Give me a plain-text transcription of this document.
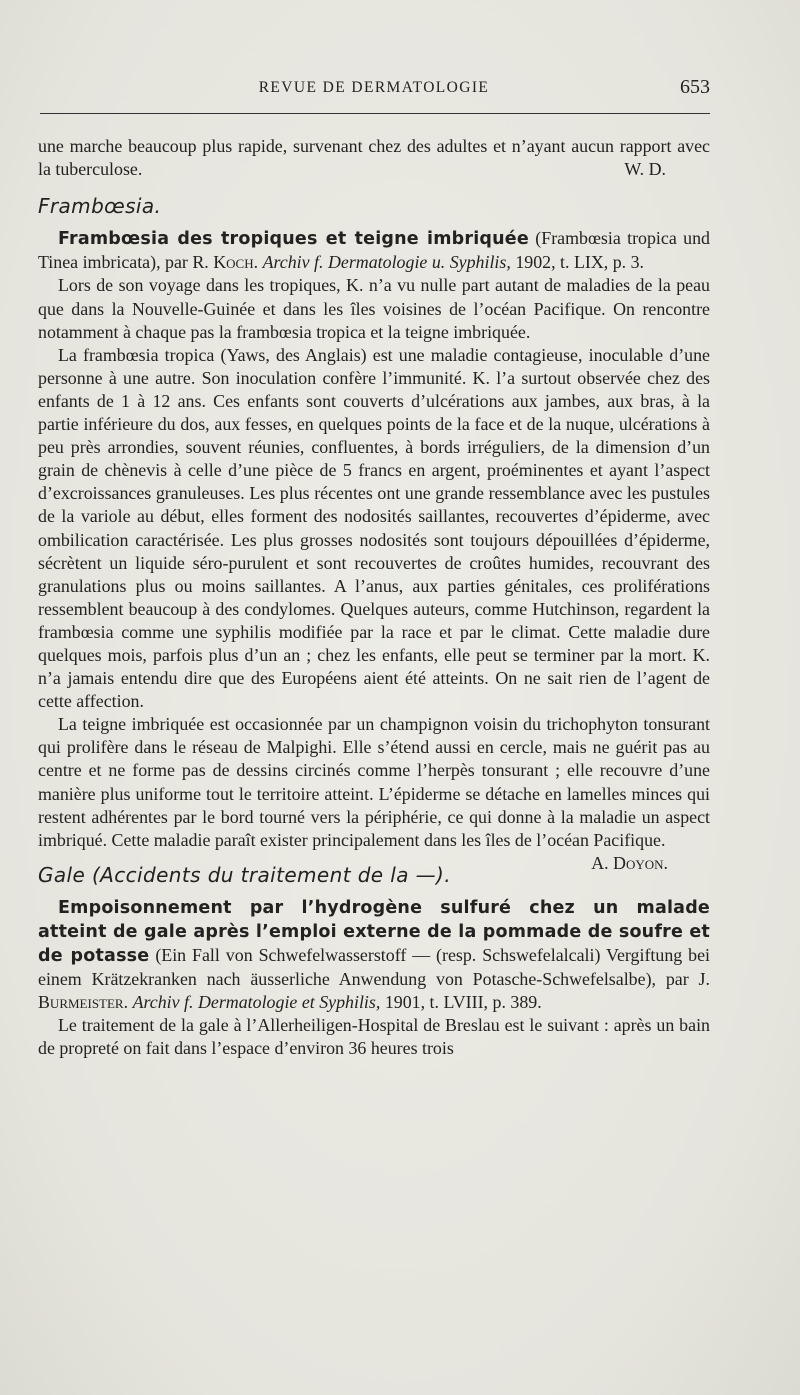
REVUE DE DERMATOLOGIE	653

une marche beaucoup plus rapide, survenant chez des adultes et n’ayant aucun rapport avec la tuberculose.	W. D.
Frambœsia.

Frambœsia des tropiques et teigne imbriquée (Frambœsia tropica und Tinea imbricata), par R. Koch. Archiv f. Dermatologie u. Syphilis, 1902, t. LIX, p. 3.

Lors de son voyage dans les tropiques, K. n’a vu nulle part autant de maladies de la peau que dans la Nouvelle-Guinée et dans les îles voisines de l’océan Pacifique. On rencontre notamment à chaque pas la frambœsia tropica et la teigne imbriquée.

La frambœsia tropica (Yaws, des Anglais) est une maladie contagieuse, inoculable d’une personne à une autre. Son inoculation confère l’immunité. K. l’a surtout observée chez des enfants de 1 à 12 ans. Ces enfants sont couverts d’ulcérations aux jambes, aux bras, à la partie inférieure du dos, aux fesses, en quelques points de la face et de la nuque, ulcérations à peu près arrondies, souvent réunies, confluentes, à bords irréguliers, de la dimension d’un grain de chènevis à celle d’une pièce de 5 francs en argent, proéminentes et ayant l’aspect d’excroissances granuleuses. Les plus récentes ont une grande ressemblance avec les pustules de la variole au début, elles forment des nodosités saillantes, recouvertes d’épiderme, avec ombilication caractérisée. Les plus grosses nodosités sont toujours dépouillées d’épiderme, sécrètent un liquide séro-purulent et sont recouvertes de croûtes humides, recouvrant des granulations plus ou moins saillantes. A l’anus, aux parties génitales, ces proliférations ressemblent beaucoup à des condylomes. Quelques auteurs, comme Hutchinson, regardent la frambœsia comme une syphilis modifiée par la race et par le climat. Cette maladie dure quelques mois, parfois plus d’un an ; chez les enfants, elle peut se terminer par la mort. K. n’a jamais entendu dire que des Européens aient été atteints. On ne sait rien de l’agent de cette affection.

La teigne imbriquée est occasionnée par un champignon voisin du trichophyton tonsurant qui prolifère dans le réseau de Malpighi. Elle s’étend aussi en cercle, mais ne guérit pas au centre et ne forme pas de dessins circinés comme l’herpès tonsurant ; elle recouvre d’une manière plus uniforme tout le territoire atteint. L’épiderme se détache en lamelles minces qui restent adhérentes par le bord tourné vers la périphérie, ce qui donne à la maladie un aspect imbriqué. Cette maladie paraît exister principalement dans les îles de l’océan Pacifique.
A. Doyon.

Gale (Accidents du traitement de la —).

Empoisonnement par l’hydrogène sulfuré chez un malade atteint de gale après l’emploi externe de la pommade de soufre et de potasse (Ein Fall von Schwefelwasserstoff — (resp. Schswefelalcali) Vergiftung bei einem Krätzekranken nach äusserliche Anwendung von Potasche-Schwefelsalbe), par J. Burmeister. Archiv f. Dermatologie et Syphilis, 1901, t. LVIII, p. 389.

Le traitement de la gale à l’Allerheiligen-Hospital de Breslau est le suivant : après un bain de propreté on fait dans l’espace d’environ 36 heures trois
